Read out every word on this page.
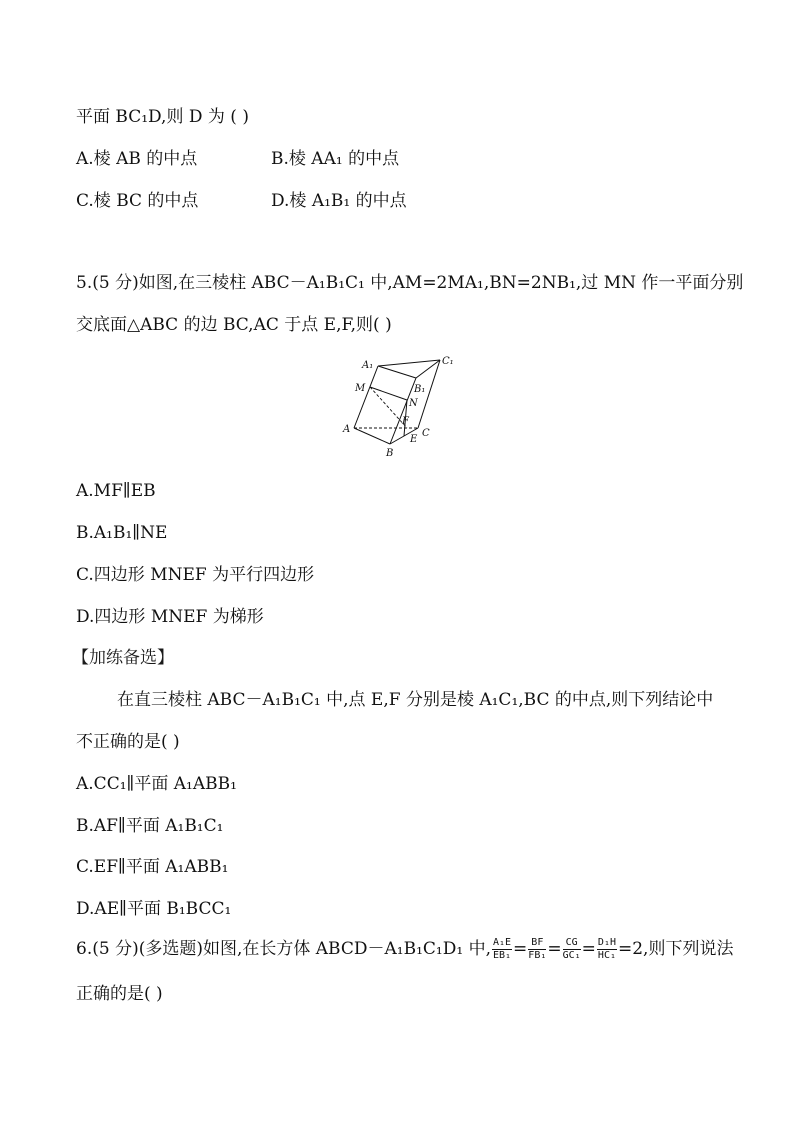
平面 BC₁D,则 D 为 ( )
A.棱 AB 的中点	B.棱 AA₁ 的中点
C.棱 BC 的中点	D.棱 A₁B₁ 的中点
5.(5 分)如图,在三棱柱 ABC－A₁B₁C₁ 中,AM=2MA₁,BN=2NB₁,过 MN 作一平面分别
交底面△ABC 的边 BC,AC 于点 E,F,则( )
A₁	C₁
M	B₁
N
F
A	C
E
B
A.MF∥EB
B.A₁B₁∥NE
C.四边形 MNEF 为平行四边形
D.四边形 MNEF 为梯形
【加练备选】
在直三棱柱 ABC－A₁B₁C₁ 中,点 E,F 分别是棱 A₁C₁,BC 的中点,则下列结论中
不正确的是( )
A.CC₁∥平面 A₁ABB₁
B.AF∥平面 A₁B₁C₁
C.EF∥平面 A₁ABB₁
D.AE∥平面 B₁BCC₁
6.(5 分)(多选题)如图,在长方体 ABCD－A₁B₁C₁D₁ 中, $\frac{\text{A₁E}}{\text{EB₁}} = \frac{BF}{\text{FB₁}} = \frac{CG}{\text{GC₁}} = \frac{\text{D₁H}}{\text{HC₁}} =2$,则下列说法
正确的是( )
